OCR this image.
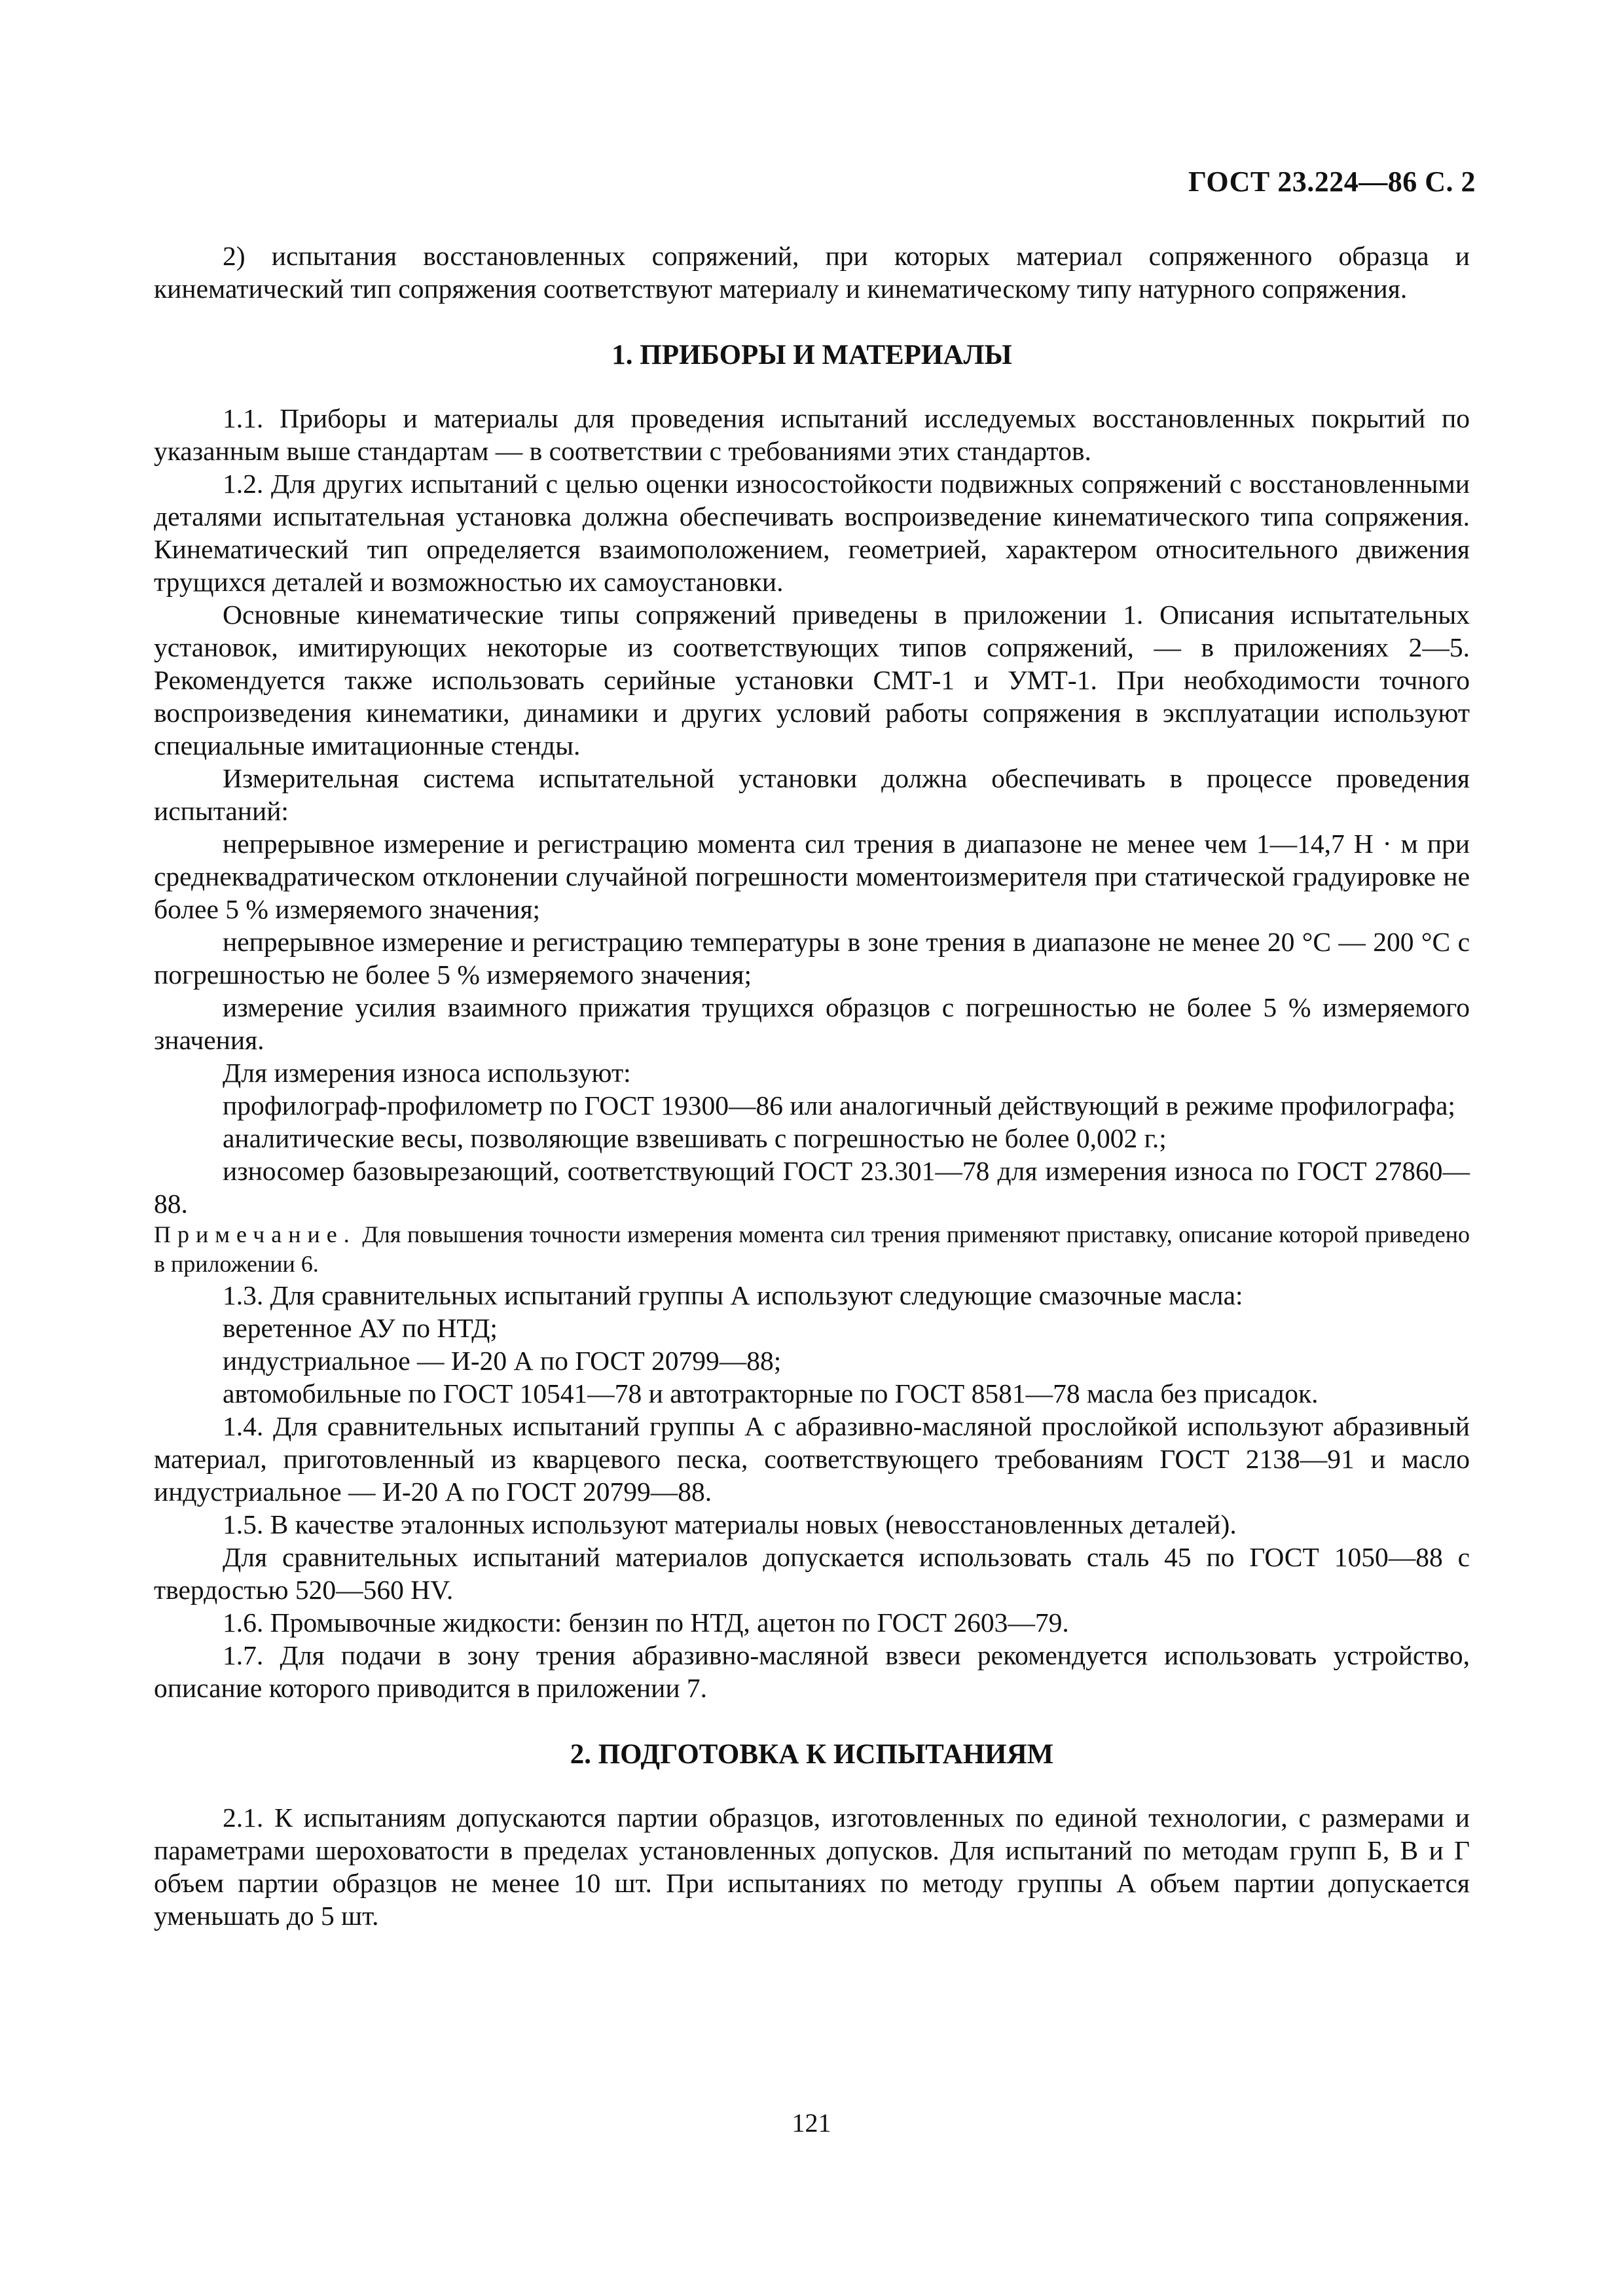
ГОСТ 23.224—86 С. 2

2) испытания восстановленных сопряжений, при которых материал сопряженного образца и кинематический тип сопряжения соответствуют материалу и кинематическому типу натурного сопряжения.

1. ПРИБОРЫ И МАТЕРИАЛЫ

1.1. Приборы и материалы для проведения испытаний исследуемых восстановленных покрытий по указанным выше стандартам — в соответствии с требованиями этих стандартов.

1.2. Для других испытаний с целью оценки износостойкости подвижных сопряжений с восстановленными деталями испытательная установка должна обеспечивать воспроизведение кинематического типа сопряжения. Кинематический тип определяется взаимоположением, геометрией, характером относительного движения трущихся деталей и возможностью их самоустановки.

Основные кинематические типы сопряжений приведены в приложении 1. Описания испытательных установок, имитирующих некоторые из соответствующих типов сопряжений, — в приложениях 2—5. Рекомендуется также использовать серийные установки СМТ-1 и УМТ-1. При необходимости точного воспроизведения кинематики, динамики и других условий работы сопряжения в эксплуатации используют специальные имитационные стенды.

Измерительная система испытательной установки должна обеспечивать в процессе проведения испытаний:

непрерывное измерение и регистрацию момента сил трения в диапазоне не менее чем 1—14,7 Н · м при среднеквадратическом отклонении случайной погрешности моментоизмерителя при статической градуировке не более 5 % измеряемого значения;

непрерывное измерение и регистрацию температуры в зоне трения в диапазоне не менее 20 °С — 200 °С с погрешностью не более 5 % измеряемого значения;

измерение усилия взаимного прижатия трущихся образцов с погрешностью не более 5 % измеряемого значения.

Для измерения износа используют:

профилограф-профилометр по ГОСТ 19300—86 или аналогичный действующий в режиме профилографа;

аналитические весы, позволяющие взвешивать с погрешностью не более 0,002 г.;

износомер базовырезающий, соответствующий ГОСТ 23.301—78 для измерения износа по ГОСТ 27860—88.

Примечание. Для повышения точности измерения момента сил трения применяют приставку, описание которой приведено в приложении 6.

1.3. Для сравнительных испытаний группы А используют следующие смазочные масла:

веретенное АУ по НТД;

индустриальное — И-20 А по ГОСТ 20799—88;

автомобильные по ГОСТ 10541—78 и автотракторные по ГОСТ 8581—78 масла без присадок.

1.4. Для сравнительных испытаний группы А с абразивно-масляной прослойкой используют абразивный материал, приготовленный из кварцевого песка, соответствующего требованиям ГОСТ 2138—91 и масло индустриальное — И-20 А по ГОСТ 20799—88.

1.5. В качестве эталонных используют материалы новых (невосстановленных деталей).

Для сравнительных испытаний материалов допускается использовать сталь 45 по ГОСТ 1050—88 с твердостью 520—560 HV.

1.6. Промывочные жидкости: бензин по НТД, ацетон по ГОСТ 2603—79.

1.7. Для подачи в зону трения абразивно-масляной взвеси рекомендуется использовать устройство, описание которого приводится в приложении 7.

2. ПОДГОТОВКА К ИСПЫТАНИЯМ

2.1. К испытаниям допускаются партии образцов, изготовленных по единой технологии, с размерами и параметрами шероховатости в пределах установленных допусков. Для испытаний по методам групп Б, В и Г объем партии образцов не менее 10 шт. При испытаниях по методу группы А объем партии допускается уменьшать до 5 шт.

121
